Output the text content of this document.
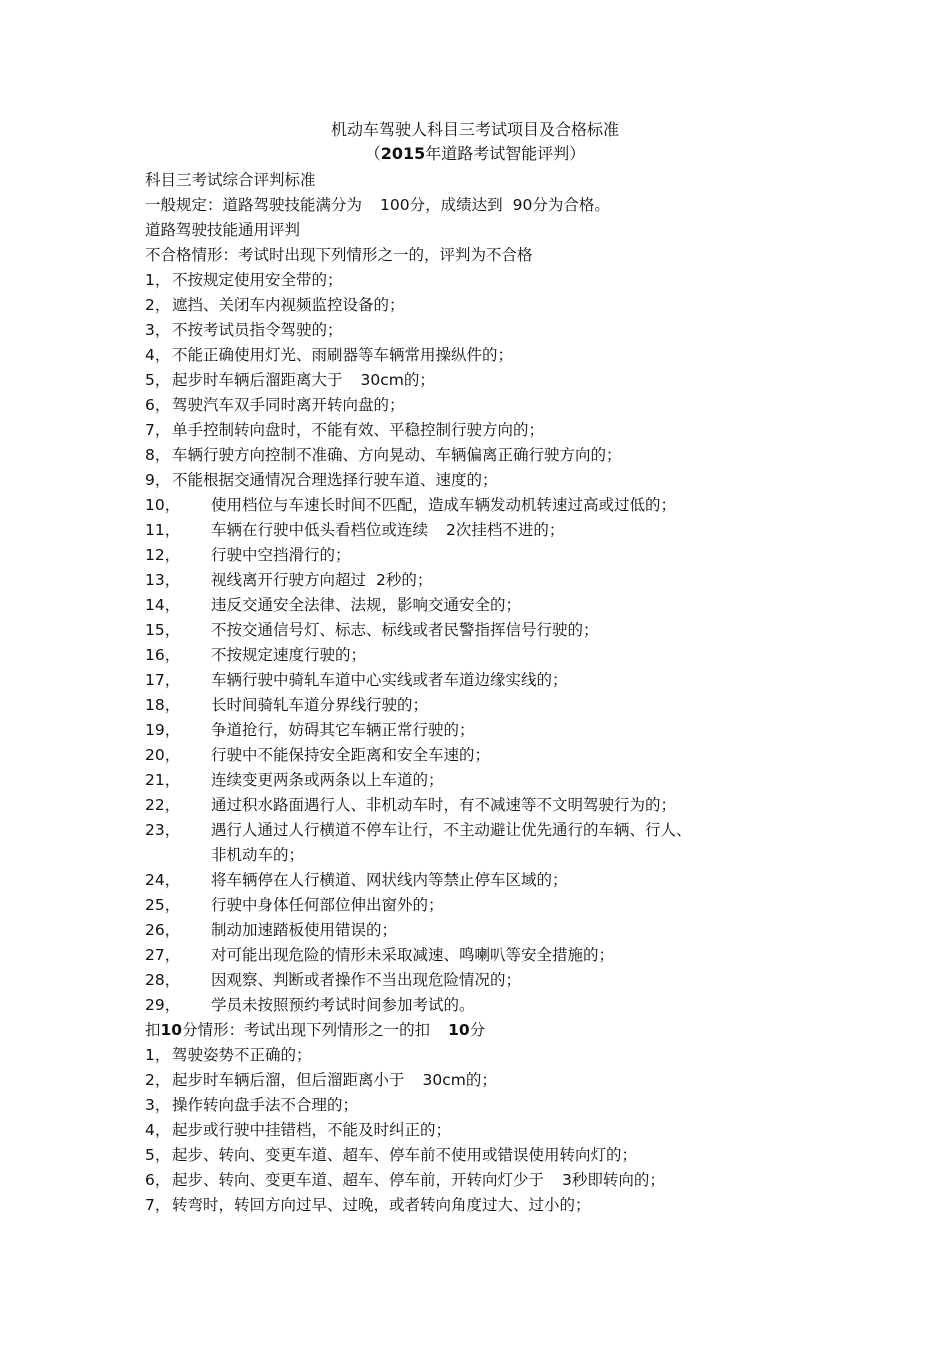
机动车驾驶人科目三考试项目及合格标准
（2015年道路考试智能评判）
科目三考试综合评判标准
一般规定：道路驾驶技能满分为 100分，成绩达到 90分为合格。
道路驾驶技能通用评判
不合格情形：考试时出现下列情形之一的，评判为不合格
1， 不按规定使用安全带的；
2， 遮挡、关闭车内视频监控设备的；
3， 不按考试员指令驾驶的；
4， 不能正确使用灯光、雨刷器等车辆常用操纵件的；
5， 起步时车辆后溜距离大于 30cm 的；
6， 驾驶汽车双手同时离开转向盘的；
7， 单手控制转向盘时，不能有效、平稳控制行驶方向的；
8， 车辆行驶方向控制不准确、方向晃动、车辆偏离正确行驶方向的；
9， 不能根据交通情况合理选择行驶车道、速度的；
10，	使用档位与车速长时间不匹配，造成车辆发动机转速过高或过低的；
11，	车辆在行驶中低头看档位或连续 2次挂档不进的；
12，	行驶中空挡滑行的；
13，	视线离开行驶方向超过 2秒的；
14，	违反交通安全法律、法规，影响交通安全的；
15，	不按交通信号灯、标志、标线或者民警指挥信号行驶的；
16，	不按规定速度行驶的；
17，	车辆行驶中骑轧车道中心实线或者车道边缘实线的；
18，	长时间骑轧车道分界线行驶的；
19，	争道抢行，妨碍其它车辆正常行驶的；
20，	行驶中不能保持安全距离和安全车速的；
21，	连续变更两条或两条以上车道的；
22，	通过积水路面遇行人、非机动车时，有不减速等不文明驾驶行为的；
23，	遇行人通过人行横道不停车让行，不主动避让优先通行的车辆、行人、
非机动车的；
24，	将车辆停在人行横道、网状线内等禁止停车区域的；
25，	行驶中身体任何部位伸出窗外的；
26，	制动加速踏板使用错误的；
27，	对可能出现危险的情形未采取减速、鸣喇叭等安全措施的；
28，	因观察、判断或者操作不当出现危险情况的；
29，	学员未按照预约考试时间参加考试的。
扣10分情形：考试出现下列情形之一的扣 10分
1， 驾驶姿势不正确的；
2， 起步时车辆后溜，但后溜距离小于 30cm 的；
3， 操作转向盘手法不合理的；
4， 起步或行驶中挂错档，不能及时纠正的；
5， 起步、转向、变更车道、超车、停车前不使用或错误使用转向灯的；
6， 起步、转向、变更车道、超车、停车前，开转向灯少于 3 秒即转向的；
7， 转弯时，转回方向过早、过晚，或者转向角度过大、过小的；
